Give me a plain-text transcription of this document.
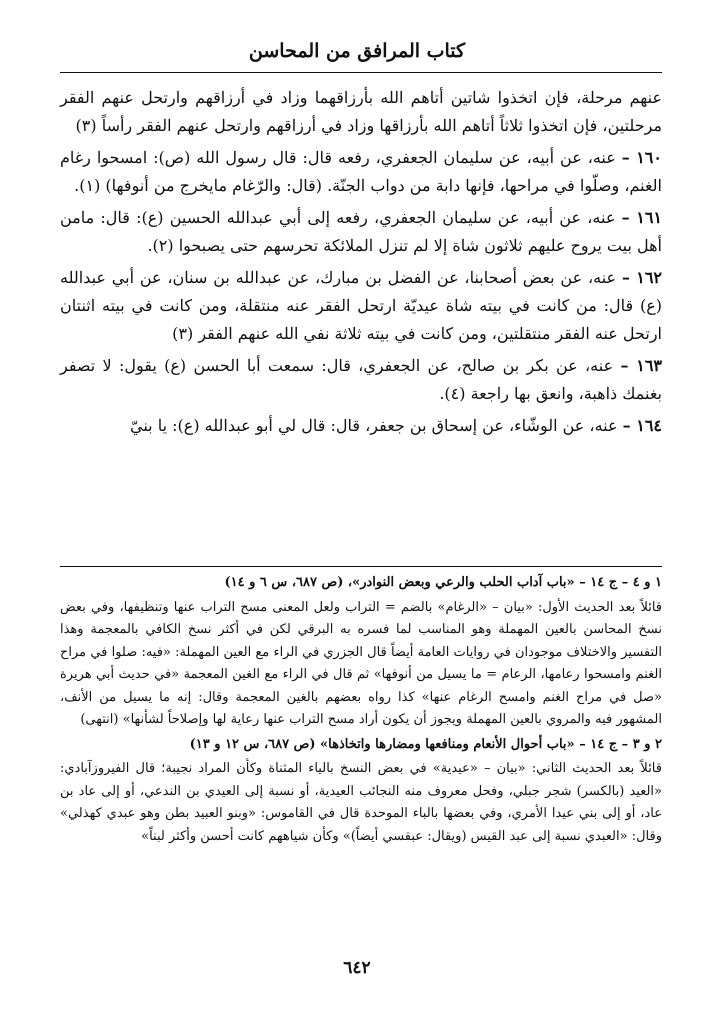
كتاب المرافق من المحاسن

عنهم مرحلة، فإن اتخذوا شاتين أتاهم الله بأرزاقهما وزاد في أرزاقهم وارتحل عنهم الفقر مرحلتين، فإن اتخذوا ثلاثاً أتاهم الله بأرزاقها وزاد في أرزاقهم وارتحل عنهم الفقر رأساً (٣)

١٦٠ – عنه، عن أبيه، عن سليمان الجعفري، رفعه قال: قال رسول الله (ص): امسحوا رغام الغنم، وصلّوا في مراحها، فإنها دابة من دواب الجنّة. (قال: والرّغام مايخرج من أنوفها) (١).

١٦١ – عنه، عن أبيه، عن سليمان الجعفري، رفعه إلى أبي عبدالله الحسين (ع): قال: مامن أهل بيت يروح عليهم ثلاثون شاة إلا لم تنزل الملائكة تحرسهم حتى يصبحوا (٢).

١٦٢ – عنه، عن بعض أصحابنا، عن الفضل بن مبارك، عن عبدالله بن سنان، عن أبي عبدالله (ع) قال: من كانت في بيته شاة عيديّة ارتحل الفقر عنه منتقلة، ومن كانت في بيته اثنتان ارتحل عنه الفقر منتقلتين، ومن كانت في بيته ثلاثة نفي الله عنهم الفقر (٣)

١٦٣ – عنه، عن بكر بن صالح، عن الجعفري، قال: سمعت أبا الحسن (ع) يقول: لا تصفر بغنمك ذاهبة، وانعق بها راجعة (٤).

١٦٤ – عنه، عن الوشّاء، عن إسحاق بن جعفر، قال: قال لي أبو عبدالله (ع): يا بنيّ

١ و ٤ – ج ١٤ – «باب آداب الحلب والرعي وبعض النوادر»، (ص ٦٨٧، س ٦ و ١٤)

قائلاً بعد الحديث الأول: «بيان – «الرغام» بالضم = التراب ولعل المعنى مسح التراب عنها وتنظيفها، وفي بعض نسخ المحاسن بالعين المهملة وهو المناسب لما فسره به البرقي لكن في أكثر نسخ الكافي بالمعجمة وهذا التفسير والاختلاف موجودان في روايات العامة أيضاً قال الجزري في الراء مع العين المهملة: «فيه: صلوا في مراح الغنم وامسحوا رعامها، الرعام = ما يسيل من أنوفها» ثم قال في الراء مع الغين المعجمة «في حديث أبي هريرة «صل في مراح الغنم وامسح الرغام عنها» كذا رواه بعضهم بالغين المعجمة وقال: إنه ما يسيل من الأنف، المشهور فيه والمروي بالعين المهملة ويجوز أن يكون أراد مسح التراب عنها رعاية لها وإصلاحاً لشأنها» (انتهى)

٢ و ٣ – ج ١٤ – «باب أحوال الأنعام ومنافعها ومضارها واتخاذها» (ص ٦٨٧، س ١٢ و ١٣)

قائلاً بعد الحديث الثاني: «بيان – «عيدية» في بعض النسخ بالياء المثناة وكأن المراد نجيبة؛ قال الفيروزآبادي: «العيد (بالكسر) شجر جبلي، وفحل معروف منه النجائب العيدية، أو نسبة إلى العيدي بن الندعي، أو إلى عاد بن عاد، أو إلى بني عيدا الأمري، وفي بعضها بالباء الموحدة قال في القاموس: «وبنو العبيد بطن وهو عبدي كهذلي» وقال: «العبدي نسبة إلى عبد القيس (ويقال: عبقسي أيضاً)» وكأن شياههم كانت أحسن وأكثر لبناً»

٦٤٢
